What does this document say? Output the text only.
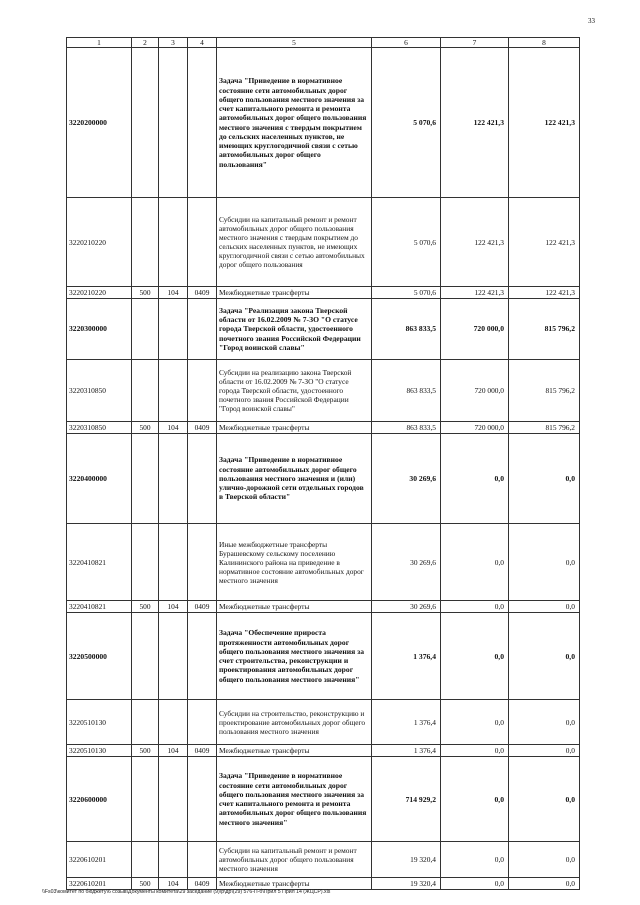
33
1	2	3	4	5	6	7	8
3220200000				Задача "Приведение в нормативное состояние сети автомобильных дорог общего пользования местного значения за счет капитального ремонта и ремонта автомобильных дорог общего пользования местного значения с твердым покрытием до сельских населенных пунктов, не имеющих круглогодичной связи с сетью автомобильных дорог общего пользования"	5 070,6	122 421,3	122 421,3
3220210220				Субсидии на капитальный ремонт и ремонт автомобильных дорог общего пользования местного значения с твердым покрытием до сельских населенных пунктов, не имеющих круглогодичной связи с сетью автомобильных дорог общего пользования	5 070,6	122 421,3	122 421,3
3220210220	500	104	0409	Межбюджетные трансферты	5 070,6	122 421,3	122 421,3
3220300000				Задача "Реализация закона Тверской области от 16.02.2009 № 7-ЗО "О статусе города Тверской области, удостоенного почетного звания Российской Федерации "Город воинской славы"	863 833,5	720 000,0	815 796,2
3220310850				Субсидии на реализацию закона Тверской области от 16.02.2009 № 7-ЗО "О статусе города Тверской области, удостоенного почетного звания Российской Федерации "Город воинской славы"	863 833,5	720 000,0	815 796,2
3220310850	500	104	0409	Межбюджетные трансферты	863 833,5	720 000,0	815 796,2
3220400000				Задача "Приведение в нормативное состояние автомобильных дорог общего пользования местного значения и (или) улично-дорожной сети отдельных городов в Тверской области"	30 269,6	0,0	0,0
3220410821				Иные межбюджетные трансферты Бурашевскому сельскому поселению Калининского района на приведение в нормативное состояние автомобильных дорог местного значения	30 269,6	0,0	0,0
3220410821	500	104	0409	Межбюджетные трансферты	30 269,6	0,0	0,0
3220500000				Задача "Обеспечение прироста протяженности автомобильных дорог общего пользования местного значения за счет строительства, реконструкции и проектирования автомобильных дорог общего пользования местного значения"	1 376,4	0,0	0,0
3220510130				Субсидии на строительство, реконструкцию и проектирование автомобильных дорог общего пользования местного значения	1 376,4	0,0	0,0
3220510130	500	104	0409	Межбюджетные трансферты	1 376,4	0,0	0,0
3220600000				Задача "Приведение в нормативное состояние сети автомобильных дорог общего пользования местного значения за счет капитального ремонта и ремонта автомобильных дорог общего пользования местного значения"	714 929,2	0,0	0,0
3220610201				Субсидии на капитальный ремонт и ремонт автомобильных дорог общего пользования местного значения	19 320,4	0,0	0,0
3220610201	500	104	0409	Межбюджетные трансферты	19 320,4	0,0	0,0
\\Fs03\комитет по бюджету\6 созыв\Документы комитета\29 заседание (9)\р\др\(29) 576-П-б\Прил 5 Прил 14 (ЖЦСР).xls
